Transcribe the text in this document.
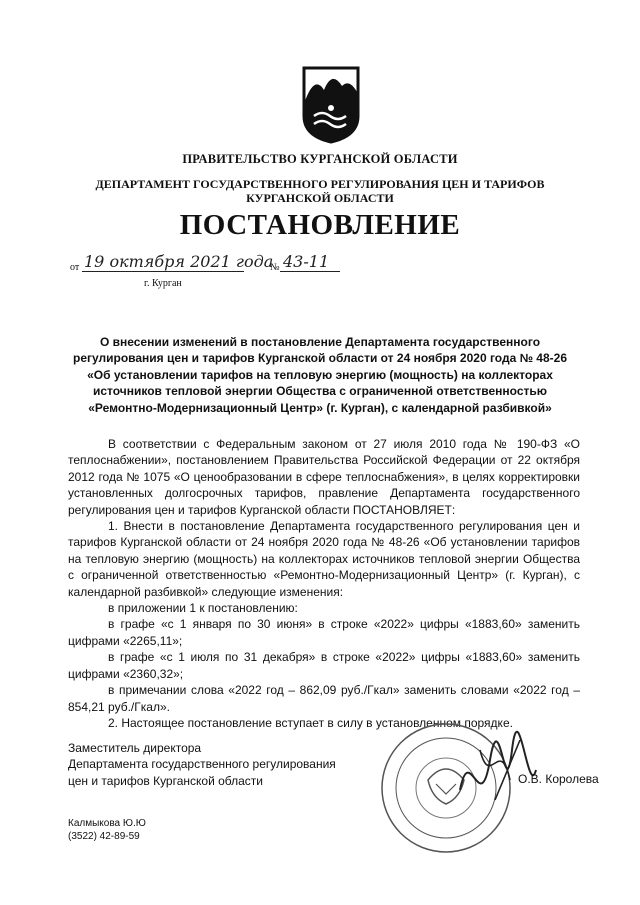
ПРАВИТЕЛЬСТВО КУРГАНСКОЙ ОБЛАСТИ
ДЕПАРТАМЕНТ ГОСУДАРСТВЕННОГО РЕГУЛИРОВАНИЯ ЦЕН И ТАРИФОВ
КУРГАНСКОЙ ОБЛАСТИ
ПОСТАНОВЛЕНИЕ
от 19 октября 2021 года
№ 43-11
г. Курган
О внесении изменений в постановление Департамента государственного регулирования цен и тарифов Курганской области от 24 ноября 2020 года № 48-26 «Об установлении тарифов на тепловую энергию (мощность) на коллекторах источников тепловой энергии Общества с ограниченной ответственностью «Ремонтно-Модернизационный Центр» (г. Курган), с календарной разбивкой»

В соответствии с Федеральным законом от 27 июля 2010 года № 190-ФЗ «О теплоснабжении», постановлением Правительства Российской Федерации от 22 октября 2012 года № 1075 «О ценообразовании в сфере теплоснабжения», в целях корректировки установленных долгосрочных тарифов, правление Департамента государственного регулирования цен и тарифов Курганской области ПОСТАНОВЛЯЕТ:

1. Внести в постановление Департамента государственного регулирования цен и тарифов Курганской области от 24 ноября 2020 года № 48-26 «Об установлении тарифов на тепловую энергию (мощность) на коллекторах источников тепловой энергии Общества с ограниченной ответственностью «Ремонтно-Модернизационный Центр» (г. Курган), с календарной разбивкой» следующие изменения:

в приложении 1 к постановлению:

в графе «с 1 января по 30 июня» в строке «2022» цифры «1883,60» заменить цифрами «2265,11»;

в графе «с 1 июля по 31 декабря» в строке «2022» цифры «1883,60» заменить цифрами «2360,32»;

в примечании слова «2022 год – 862,09 руб./Гкал» заменить словами «2022 год – 854,21 руб./Гкал».

2. Настоящее постановление вступает в силу в установленном порядке.

Заместитель директора
Департамента государственного регулирования
цен и тарифов Курганской области	О.В. Королева
Калмыкова Ю.Ю
(3522) 42-89-59
